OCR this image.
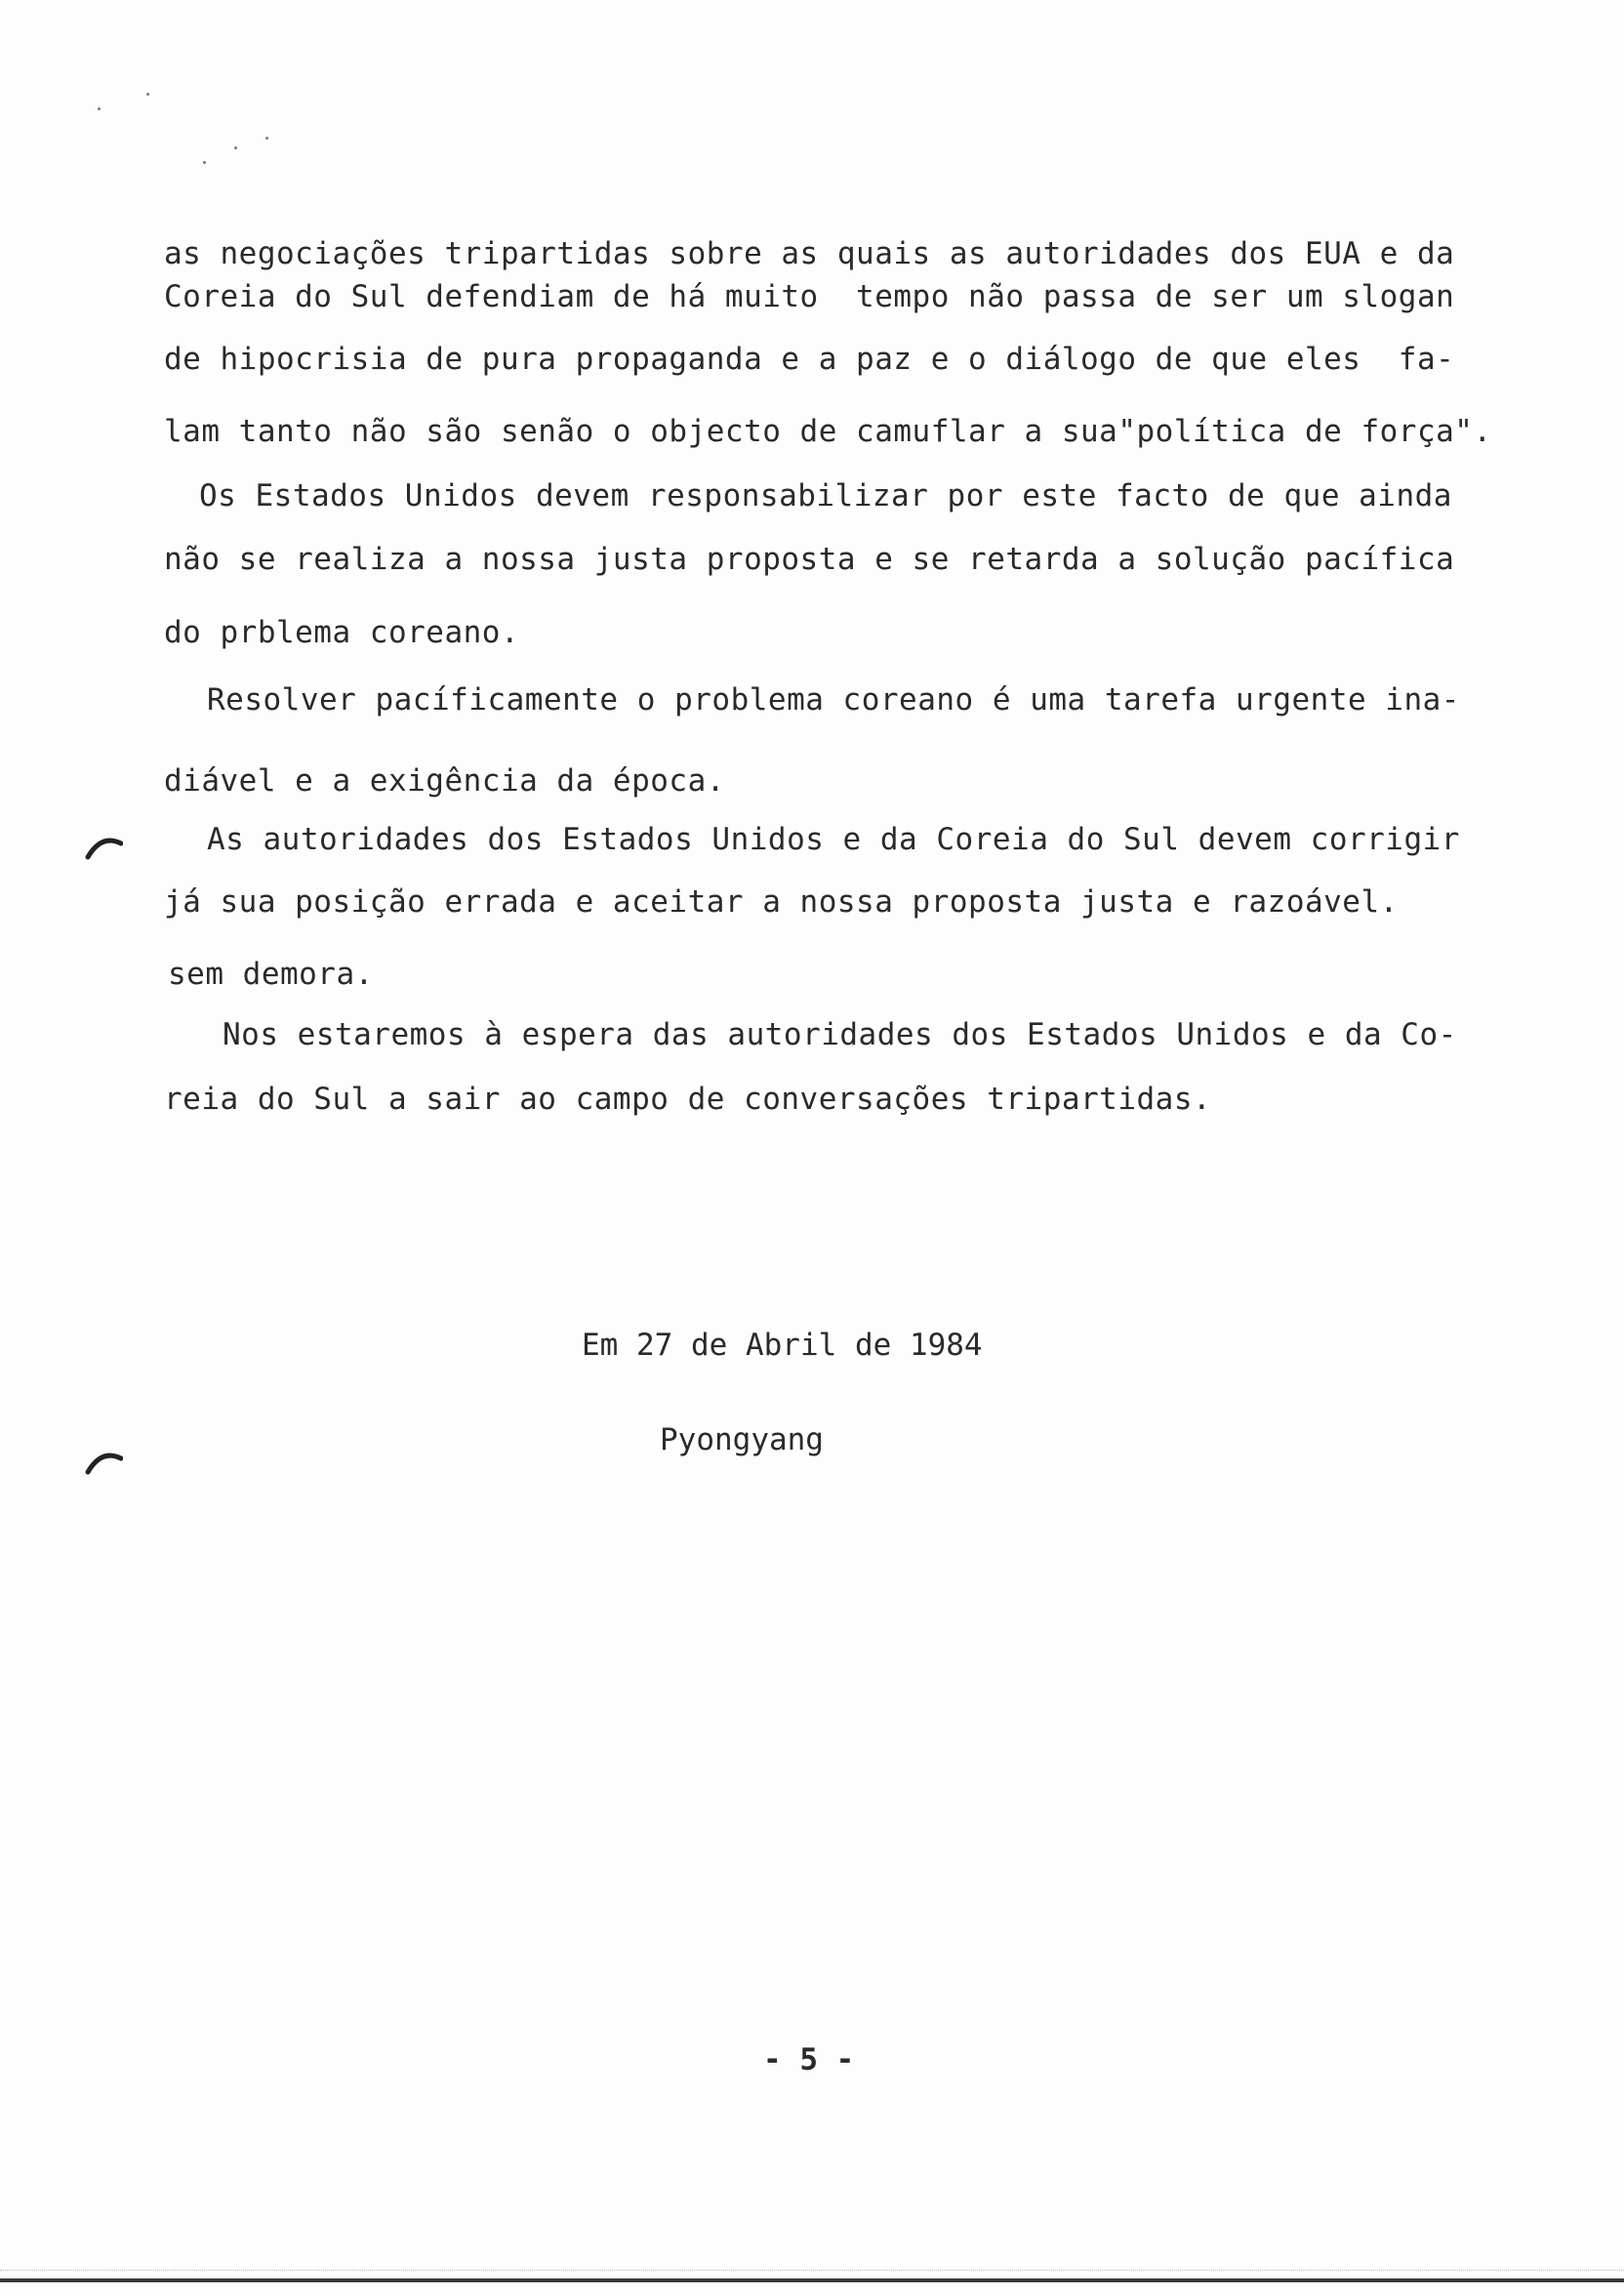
as negociações tripartidas sobre as quais as autoridades dos EUA e da
Coreia do Sul defendiam de há muito  tempo não passa de ser um slogan
de hipocrisia de pura propaganda e a paz e o diálogo de que eles  fa-
lam tanto não são senão o objecto de camuflar a sua"política de força".
Os Estados Unidos devem responsabilizar por este facto de que ainda
não se realiza a nossa justa proposta e se retarda a solução pacífica
do prblema coreano.
Resolver pacíficamente o problema coreano é uma tarefa urgente ina-
diável e a exigência da época.
As autoridades dos Estados Unidos e da Coreia do Sul devem corrigir
já sua posição errada e aceitar a nossa proposta justa e razoável.
sem demora.
Nos estaremos à espera das autoridades dos Estados Unidos e da Co-
reia do Sul a sair ao campo de conversações tripartidas.
Em 27 de Abril de 1984
Pyongyang
- 5 -
